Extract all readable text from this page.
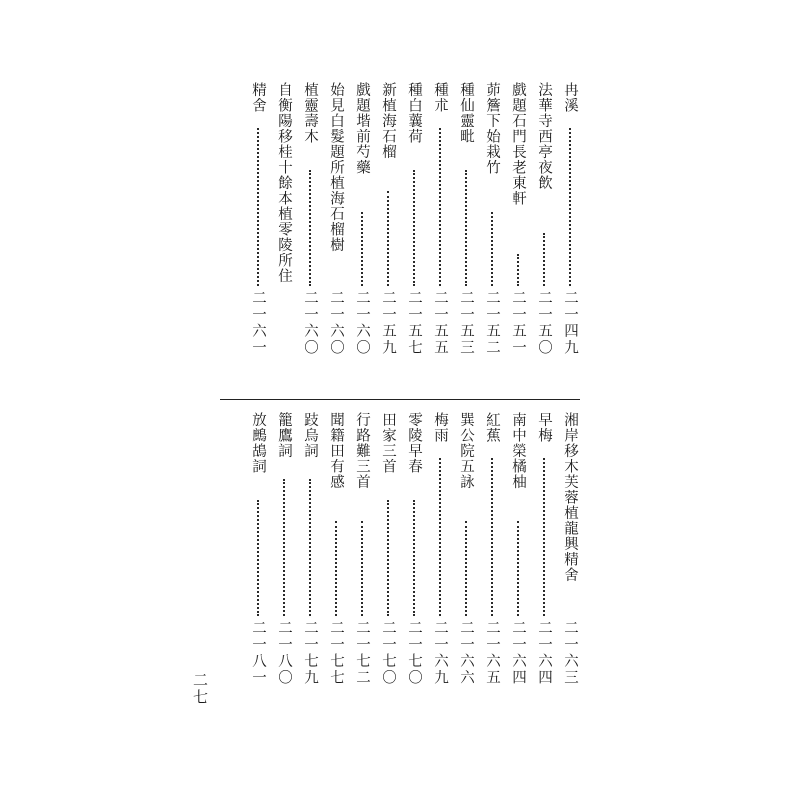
冉溪
二一四九
法華寺西亭夜飲
二一五〇
戲題石門長老東軒
二一五一
茆簷下始栽竹
二一五二
種仙靈毗
二一五三
種朮
二一五五
種白蘘荷
二一五七
新植海石榴
二一五九
戲題堦前芍藥
二一六〇
始見白髮題所植海石榴樹
二一六〇
植靈壽木
二一六〇
自衡陽移桂十餘本植零陵所住
精舍
二一六一
湘岸移木芙蓉植龍興精舍
二一六三
早梅
二一六四
南中榮橘柚
二一六四
紅蕉
二一六五
巽公院五詠
二一六六
梅雨
二一六九
零陵早春
二一七〇
田家三首
二一七〇
行路難三首
二一七二
聞籍田有感
二一七七
跂烏詞
二一七九
籠鷹詞
二一八〇
放鷓鴣詞
二一八一
二七
